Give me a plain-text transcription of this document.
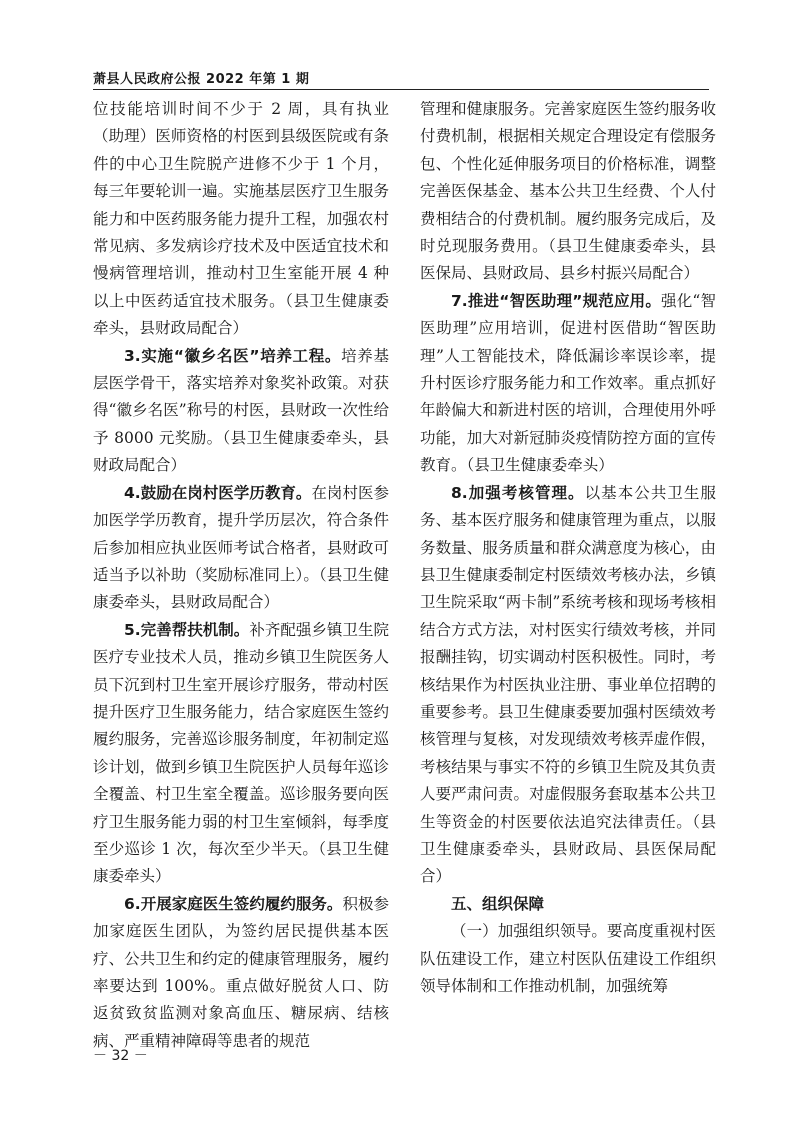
萧县人民政府公报 2022 年第 1 期

位技能培训时间不少于 2 周，具有执业（助理）医师资格的村医到县级医院或有条件的中心卫生院脱产进修不少于 1 个月，每三年要轮训一遍。实施基层医疗卫生服务能力和中医药服务能力提升工程，加强农村常见病、多发病诊疗技术及中医适宜技术和慢病管理培训，推动村卫生室能开展 4 种以上中医药适宜技术服务。（县卫生健康委牵头，县财政局配合）

3.实施“徽乡名医”培养工程。培养基层医学骨干，落实培养对象奖补政策。对获得“徽乡名医”称号的村医，县财政一次性给予 8000 元奖励。（县卫生健康委牵头，县财政局配合）

4.鼓励在岗村医学历教育。在岗村医参加医学学历教育，提升学历层次，符合条件后参加相应执业医师考试合格者，县财政可适当予以补助（奖励标准同上）。（县卫生健康委牵头，县财政局配合）

5.完善帮扶机制。补齐配强乡镇卫生院医疗专业技术人员，推动乡镇卫生院医务人员下沉到村卫生室开展诊疗服务，带动村医提升医疗卫生服务能力，结合家庭医生签约履约服务，完善巡诊服务制度，年初制定巡诊计划，做到乡镇卫生院医护人员每年巡诊全覆盖、村卫生室全覆盖。巡诊服务要向医疗卫生服务能力弱的村卫生室倾斜，每季度至少巡诊 1 次，每次至少半天。（县卫生健康委牵头）

6.开展家庭医生签约履约服务。积极参加家庭医生团队，为签约居民提供基本医疗、公共卫生和约定的健康管理服务，履约率要达到 100%。重点做好脱贫人口、防返贫致贫监测对象高血压、糖尿病、结核病、严重精神障碍等患者的规范

管理和健康服务。完善家庭医生签约服务收付费机制，根据相关规定合理设定有偿服务包、个性化延伸服务项目的价格标准，调整完善医保基金、基本公共卫生经费、个人付费相结合的付费机制。履约服务完成后，及时兑现服务费用。（县卫生健康委牵头，县医保局、县财政局、县乡村振兴局配合）

7.推进“智医助理”规范应用。强化“智医助理”应用培训，促进村医借助“智医助理”人工智能技术，降低漏诊率误诊率，提升村医诊疗服务能力和工作效率。重点抓好年龄偏大和新进村医的培训，合理使用外呼功能，加大对新冠肺炎疫情防控方面的宣传教育。（县卫生健康委牵头）

8.加强考核管理。以基本公共卫生服务、基本医疗服务和健康管理为重点，以服务数量、服务质量和群众满意度为核心，由县卫生健康委制定村医绩效考核办法，乡镇卫生院采取“两卡制”系统考核和现场考核相结合方式方法，对村医实行绩效考核，并同报酬挂钩，切实调动村医积极性。同时，考核结果作为村医执业注册、事业单位招聘的重要参考。县卫生健康委要加强村医绩效考核管理与复核，对发现绩效考核弄虚作假，考核结果与事实不符的乡镇卫生院及其负责人要严肃问责。对虚假服务套取基本公共卫生等资金的村医要依法追究法律责任。（县卫生健康委牵头，县财政局、县医保局配合）

五、组织保障

（一）加强组织领导。要高度重视村医队伍建设工作，建立村医队伍建设工作组织领导体制和工作推动机制，加强统筹

－ 32 －
